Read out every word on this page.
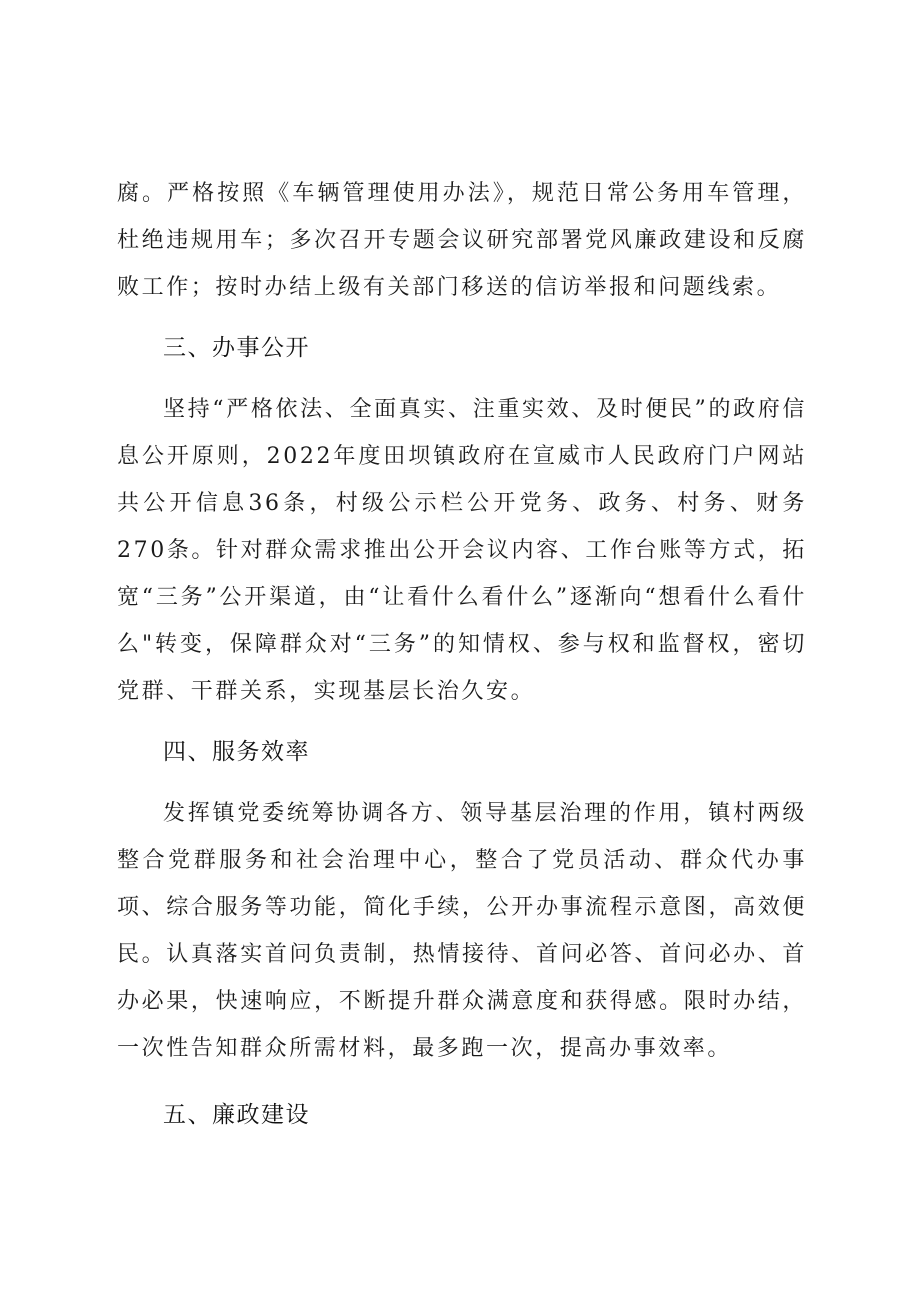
腐。严格按照《车辆管理使用办法》，规范日常公务用车管理，杜绝违规用车；多次召开专题会议研究部署党风廉政建设和反腐败工作；按时办结上级有关部门移送的信访举报和问题线索。

三、办事公开

坚持“严格依法、全面真实、注重实效、及时便民”的政府信息公开原则，2022年度田坝镇政府在宣威市人民政府门户网站共公开信息36条，村级公示栏公开党务、政务、村务、财务270条。针对群众需求推出公开会议内容、工作台账等方式，拓宽“三务”公开渠道，由“让看什么看什么”逐渐向“想看什么看什么"转变，保障群众对“三务”的知情权、参与权和监督权，密切党群、干群关系，实现基层长治久安。

四、服务效率

发挥镇党委统筹协调各方、领导基层治理的作用，镇村两级整合党群服务和社会治理中心，整合了党员活动、群众代办事项、综合服务等功能，简化手续，公开办事流程示意图，高效便民。认真落实首问负责制，热情接待、首问必答、首问必办、首办必果，快速响应，不断提升群众满意度和获得感。限时办结，一次性告知群众所需材料，最多跑一次，提高办事效率。

五、廉政建设
